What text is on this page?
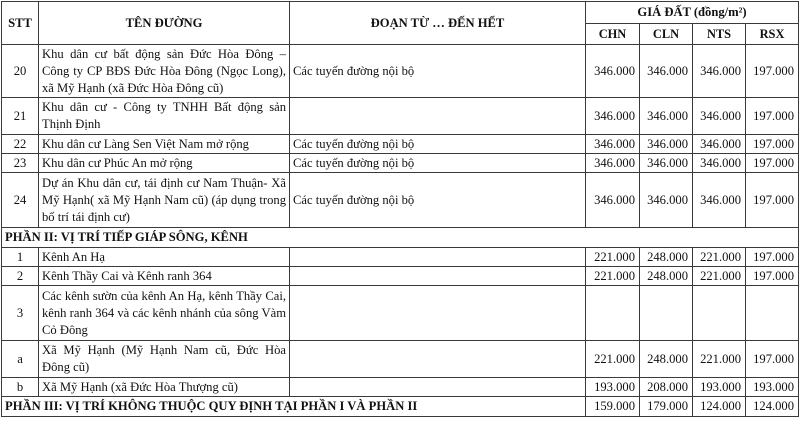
STT	TÊN ĐƯỜNG	ĐOẠN TỪ … ĐẾN HẾT	GIÁ ĐẤT (đồng/m²)			
			CHN	CLN	NTS	RSX
20	Khu dân cư bất động sản Đức Hòa Đông – Công ty CP BĐS Đức Hòa Đông (Ngọc Long), xã Mỹ Hạnh (xã Đức Hòa Đông cũ)	Các tuyến đường nội bộ	346.000	346.000	346.000	197.000
21	Khu dân cư - Công ty TNHH Bất động sản Thịnh Định		346.000	346.000	346.000	197.000
22	Khu dân cư Làng Sen Việt Nam mở rộng	Các tuyến đường nội bộ	346.000	346.000	346.000	197.000
23	Khu dân cư Phúc An mở rộng	Các tuyến đường nội bộ	346.000	346.000	346.000	197.000
24	Dự án Khu dân cư, tái định cư Nam Thuận- Xã Mỹ Hạnh( xã Mỹ Hạnh Nam cũ) (áp dụng trong bố trí tái định cư)	Các tuyến đường nội bộ	346.000	346.000	346.000	197.000
PHẦN II: VỊ TRÍ TIẾP GIÁP SÔNG, KÊNH						
1	Kênh An Hạ		221.000	248.000	221.000	197.000
2	Kênh Thầy Cai và Kênh ranh 364		221.000	248.000	221.000	197.000
3	Các kênh sườn của kênh An Hạ, kênh Thầy Cai, kênh ranh 364 và các kênh nhánh của sông Vàm Cỏ Đông					
a	Xã Mỹ Hạnh (Mỹ Hạnh Nam cũ, Đức Hòa Đông cũ)		221.000	248.000	221.000	197.000
b	Xã Mỹ Hạnh (xã Đức Hòa Thượng cũ)		193.000	208.000	193.000	193.000
PHẦN III: VỊ TRÍ KHÔNG THUỘC QUY ĐỊNH TẠI PHẦN I VÀ PHẦN II			159.000	179.000	124.000	124.000
